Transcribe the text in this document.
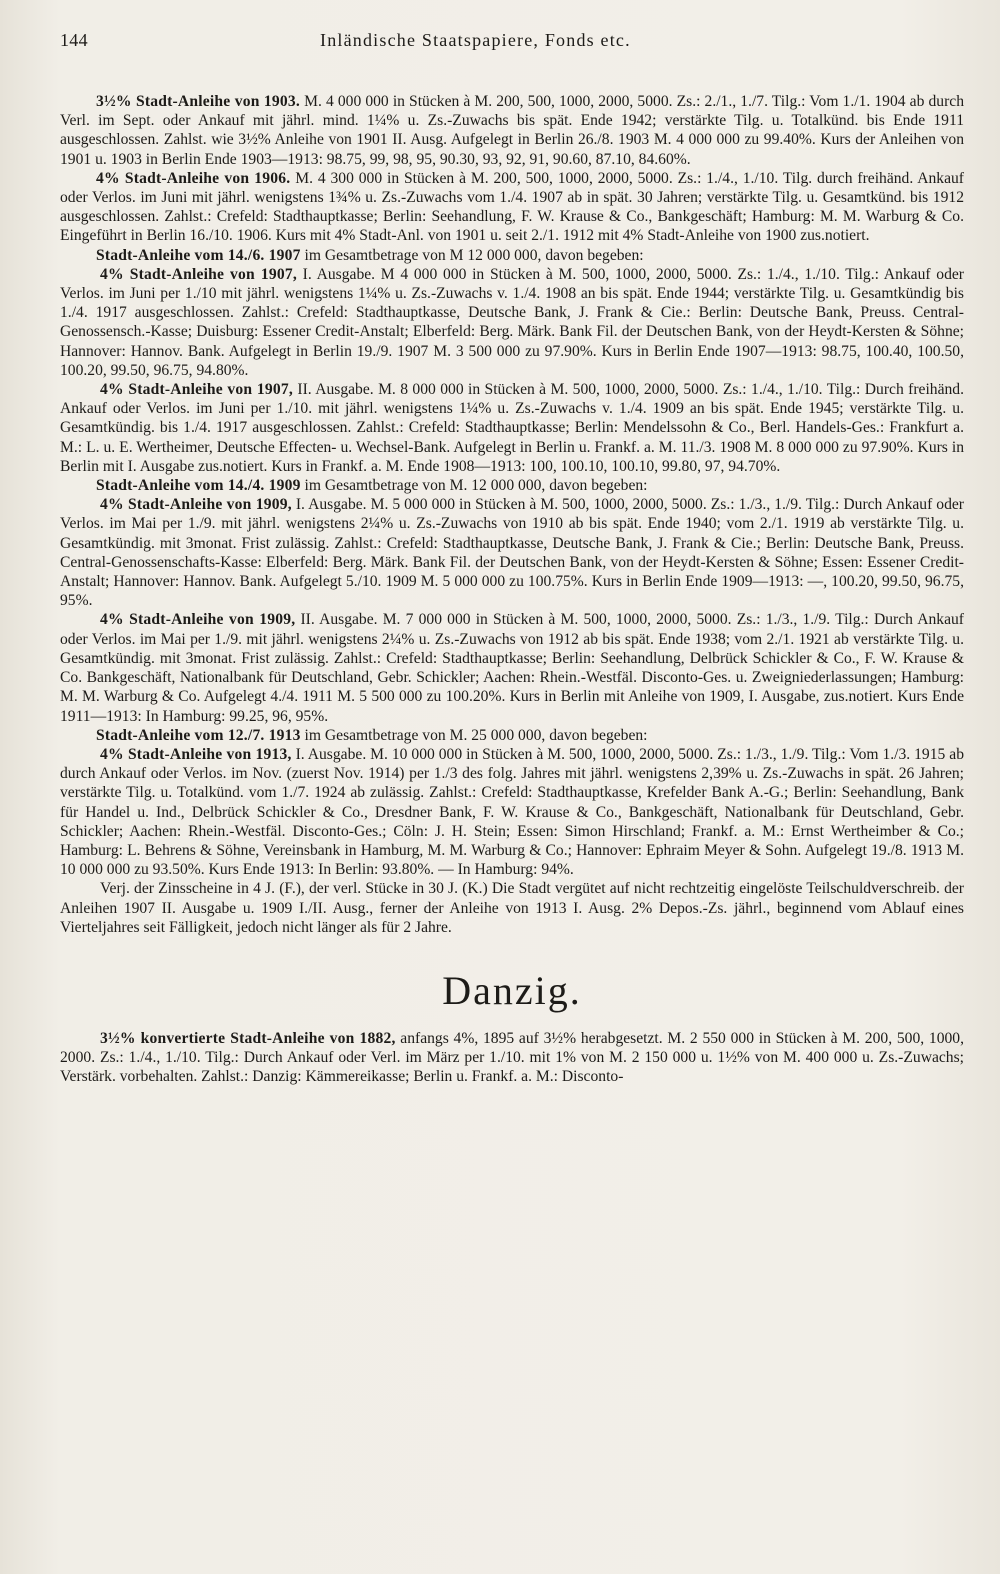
144	Inländische Staatspapiere, Fonds etc.

3½% Stadt-Anleihe von 1903. M. 4 000 000 in Stücken à M. 200, 500, 1000, 2000, 5000. Zs.: 2./1., 1./7. Tilg.: Vom 1./1. 1904 ab durch Verl. im Sept. oder Ankauf mit jährl. mind. 1¼% u. Zs.-Zuwachs bis spät. Ende 1942; verstärkte Tilg. u. Totalkünd. bis Ende 1911 ausgeschlossen. Zahlst. wie 3½% Anleihe von 1901 II. Ausg. Aufgelegt in Berlin 26./8. 1903 M. 4 000 000 zu 99.40%. Kurs der Anleihen von 1901 u. 1903 in Berlin Ende 1903—1913: 98.75, 99, 98, 95, 90.30, 93, 92, 91, 90.60, 87.10, 84.60%.

4% Stadt-Anleihe von 1906. M. 4 300 000 in Stücken à M. 200, 500, 1000, 2000, 5000. Zs.: 1./4., 1./10. Tilg. durch freihänd. Ankauf oder Verlos. im Juni mit jährl. wenigstens 1¾% u. Zs.-Zuwachs vom 1./4. 1907 ab in spät. 30 Jahren; verstärkte Tilg. u. Gesamtkünd. bis 1912 ausgeschlossen. Zahlst.: Crefeld: Stadthauptkasse; Berlin: Seehandlung, F. W. Krause & Co., Bankgeschäft; Hamburg: M. M. Warburg & Co. Eingeführt in Berlin 16./10. 1906. Kurs mit 4% Stadt-Anl. von 1901 u. seit 2./1. 1912 mit 4% Stadt-Anleihe von 1900 zus.notiert.

Stadt-Anleihe vom 14./6. 1907 im Gesamtbetrage von M 12 000 000, davon begeben:

4% Stadt-Anleihe von 1907, I. Ausgabe. M 4 000 000 in Stücken à M. 500, 1000, 2000, 5000. Zs.: 1./4., 1./10. Tilg.: Ankauf oder Verlos. im Juni per 1./10 mit jährl. wenigstens 1¼% u. Zs.-Zuwachs v. 1./4. 1908 an bis spät. Ende 1944; verstärkte Tilg. u. Gesamtkündig bis 1./4. 1917 ausgeschlossen. Zahlst.: Crefeld: Stadthauptkasse, Deutsche Bank, J. Frank & Cie.: Berlin: Deutsche Bank, Preuss. Central-Genossensch.-Kasse; Duisburg: Essener Credit-Anstalt; Elberfeld: Berg. Märk. Bank Fil. der Deutschen Bank, von der Heydt-Kersten & Söhne; Hannover: Hannov. Bank. Aufgelegt in Berlin 19./9. 1907 M. 3 500 000 zu 97.90%. Kurs in Berlin Ende 1907—1913: 98.75, 100.40, 100.50, 100.20, 99.50, 96.75, 94.80%.

4% Stadt-Anleihe von 1907, II. Ausgabe. M. 8 000 000 in Stücken à M. 500, 1000, 2000, 5000. Zs.: 1./4., 1./10. Tilg.: Durch freihänd. Ankauf oder Verlos. im Juni per 1./10. mit jährl. wenigstens 1¼% u. Zs.-Zuwachs v. 1./4. 1909 an bis spät. Ende 1945; verstärkte Tilg. u. Gesamtkündig. bis 1./4. 1917 ausgeschlossen. Zahlst.: Crefeld: Stadthauptkasse; Berlin: Mendelssohn & Co., Berl. Handels-Ges.: Frankfurt a. M.: L. u. E. Wertheimer, Deutsche Effecten- u. Wechsel-Bank. Aufgelegt in Berlin u. Frankf. a. M. 11./3. 1908 M. 8 000 000 zu 97.90%. Kurs in Berlin mit I. Ausgabe zus.notiert. Kurs in Frankf. a. M. Ende 1908—1913: 100, 100.10, 100.10, 99.80, 97, 94.70%.

Stadt-Anleihe vom 14./4. 1909 im Gesamtbetrage von M. 12 000 000, davon begeben:

4% Stadt-Anleihe von 1909, I. Ausgabe. M. 5 000 000 in Stücken à M. 500, 1000, 2000, 5000. Zs.: 1./3., 1./9. Tilg.: Durch Ankauf oder Verlos. im Mai per 1./9. mit jährl. wenigstens 2¼% u. Zs.-Zuwachs von 1910 ab bis spät. Ende 1940; vom 2./1. 1919 ab verstärkte Tilg. u. Gesamtkündig. mit 3monat. Frist zulässig. Zahlst.: Crefeld: Stadthauptkasse, Deutsche Bank, J. Frank & Cie.; Berlin: Deutsche Bank, Preuss. Central-Genossenschafts-Kasse: Elberfeld: Berg. Märk. Bank Fil. der Deutschen Bank, von der Heydt-Kersten & Söhne; Essen: Essener Credit-Anstalt; Hannover: Hannov. Bank. Aufgelegt 5./10. 1909 M. 5 000 000 zu 100.75%. Kurs in Berlin Ende 1909—1913: —, 100.20, 99.50, 96.75, 95%.

4% Stadt-Anleihe von 1909, II. Ausgabe. M. 7 000 000 in Stücken à M. 500, 1000, 2000, 5000. Zs.: 1./3., 1./9. Tilg.: Durch Ankauf oder Verlos. im Mai per 1./9. mit jährl. wenigstens 2¼% u. Zs.-Zuwachs von 1912 ab bis spät. Ende 1938; vom 2./1. 1921 ab verstärkte Tilg. u. Gesamtkündig. mit 3monat. Frist zulässig. Zahlst.: Crefeld: Stadthauptkasse; Berlin: Seehandlung, Delbrück Schickler & Co., F. W. Krause & Co. Bankgeschäft, Nationalbank für Deutschland, Gebr. Schickler; Aachen: Rhein.-Westfäl. Disconto-Ges. u. Zweigniederlassungen; Hamburg: M. M. Warburg & Co. Aufgelegt 4./4. 1911 M. 5 500 000 zu 100.20%. Kurs in Berlin mit Anleihe von 1909, I. Ausgabe, zus.notiert. Kurs Ende 1911—1913: In Hamburg: 99.25, 96, 95%.

Stadt-Anleihe vom 12./7. 1913 im Gesamtbetrage von M. 25 000 000, davon begeben:

4% Stadt-Anleihe von 1913, I. Ausgabe. M. 10 000 000 in Stücken à M. 500, 1000, 2000, 5000. Zs.: 1./3., 1./9. Tilg.: Vom 1./3. 1915 ab durch Ankauf oder Verlos. im Nov. (zuerst Nov. 1914) per 1./3 des folg. Jahres mit jährl. wenigstens 2,39% u. Zs.-Zuwachs in spät. 26 Jahren; verstärkte Tilg. u. Totalkünd. vom 1./7. 1924 ab zulässig. Zahlst.: Crefeld: Stadthauptkasse, Krefelder Bank A.-G.; Berlin: Seehandlung, Bank für Handel u. Ind., Delbrück Schickler & Co., Dresdner Bank, F. W. Krause & Co., Bankgeschäft, Nationalbank für Deutschland, Gebr. Schickler; Aachen: Rhein.-Westfäl. Disconto-Ges.; Cöln: J. H. Stein; Essen: Simon Hirschland; Frankf. a. M.: Ernst Wertheimber & Co.; Hamburg: L. Behrens & Söhne, Vereinsbank in Hamburg, M. M. Warburg & Co.; Hannover: Ephraim Meyer & Sohn. Aufgelegt 19./8. 1913 M. 10 000 000 zu 93.50%. Kurs Ende 1913: In Berlin: 93.80%. — In Hamburg: 94%.

Verj. der Zinsscheine in 4 J. (F.), der verl. Stücke in 30 J. (K.) Die Stadt vergütet auf nicht rechtzeitig eingelöste Teilschuldverschreib. der Anleihen 1907 II. Ausgabe u. 1909 I./II. Ausg., ferner der Anleihe von 1913 I. Ausg. 2% Depos.-Zs. jährl., beginnend vom Ablauf eines Vierteljahres seit Fälligkeit, jedoch nicht länger als für 2 Jahre.

Danzig.

3½% konvertierte Stadt-Anleihe von 1882, anfangs 4%, 1895 auf 3½% herabgesetzt. M. 2 550 000 in Stücken à M. 200, 500, 1000, 2000. Zs.: 1./4., 1./10. Tilg.: Durch Ankauf oder Verl. im März per 1./10. mit 1% von M. 2 150 000 u. 1½% von M. 400 000 u. Zs.-Zuwachs; Verstärk. vorbehalten. Zahlst.: Danzig: Kämmereikasse; Berlin u. Frankf. a. M.: Disconto-
